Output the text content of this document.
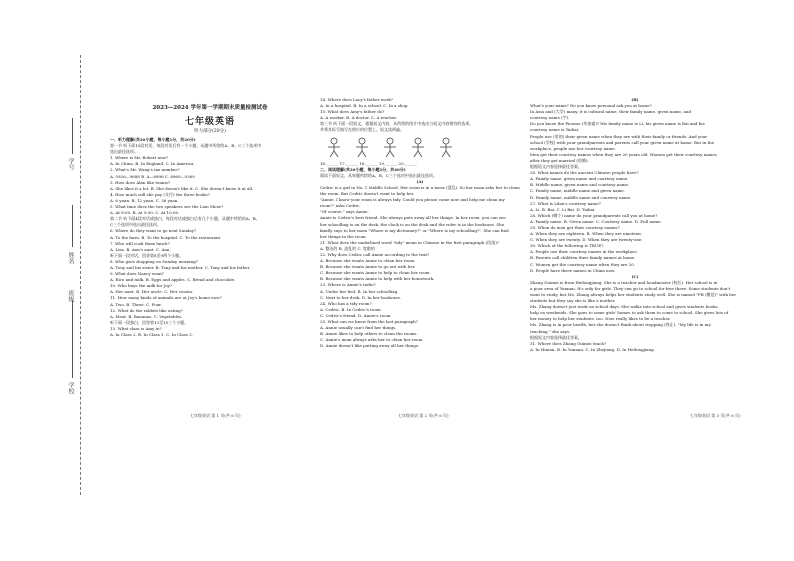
学号
姓名
班级
学校
2023—2024 学年第一学期期末质量检测试卷
七年级英语
听力部分(20分)

一、听力理解(共20小题，每小题1分，共20分)

第一节 听下面10段对话，每段对话后有一个小题，从题中所给的A、B、C三个选项中

选出最佳选项。

1. Where is Mr. Robert now?

A. In China. B. In England. C. In America.

2. What's Mr. Wang's tax number?

A. 5926—9688 B. A—6896 C. 8969—9369

3. How does Alan like tennis?

A. She likes it a lot. B. She doesn't like it. C. She doesn't know it at all.

4. How much will she pay (支付) the three books?

A. 6 yuan. B. 12 yuan. C. 36 yuan.

5. What time does the two speakers see the Lion Show?

A. At 8:00. B. At 9:30. C. At 10:00.

第二节 听下面4段对话或独白，每段对话或独白后有几个小题，从题中所给的A、B、

C三个选项中选出最佳选项。

6. Where do they want to go next Sunday?

A. To the farm. B. To the hospital. C. To the restaurant.

7. Who will cook them lunch?

A. Lisa. B. Ann's aunt. C. Ann.

听下面一段对话，回答第8至9两个小题。

8. Who goes shopping on Sunday morning?

A. Tony and his sister. B. Tony and his mother. C. Tony and his father.

9. What does Nancy want?

A. Rice and milk. B. Eggs and apples. C. Bread and chocolate.

10. Who buys the milk for Joy?

A. Her aunt. B. Her uncle. C. Her cousin.

11. How many kinds of animals are at Joy's home now?

A. Two. B. Three. C. Four.

12. What do the rabbits like eating?

A. Meat. B. Bananas. C. Vegetables.

听下面一段独白，回答第13至15三个小题。

13. What class is Amy in?

A. In Class 2. B. In Class 1. C. In Class 3.

14. Where does Lucy's father work?

A. In a hospital. B. In a school. C. In a shop.

15. What does Amy's father do?

A. A worker. B. A doctor. C. A teacher.

第三节 听下面一段短文，根据短文内容，从所给的图片中选出与短文内容相符的选项。

并将其标号填写在相应的位置上。短文读两遍。

16.______ 17.______ 18.______ 19.______ 20.______

二、阅读理解(共20小题，每小题2分，共40分)

阅读下面短文，从每题所给的A、B、C三个选项中选出最佳选项。

(A)

Cedric is a girl in No. 1 Middle School. Her room is in a mess (混乱). So her mom asks her to clean

the room. But Cedric doesn't want to help her.

"Annie, I know your room is always tidy. Could you please come now and help me clean my

room?" asks Cedric.

"Of course," says Annie.

Annie is Cedric's best friend. She always puts away all her things. In her room, you can see

her schoolbag is on the desk, the clock is on the desk and the ruler is in the bookcase. She

kindly says to her mom "Where is my dictionary?" or "Where is my schoolbag?". She can find

her things in the room.

21. What does the underlined word "tidy" mean in Chinese in the first paragraph (段落)?

A. 整洁的 B. 凌乱的 C. 宽敞的

22. Why does Cedric call Annie according to the text?

A. Because she wants Annie to clean her room.

B. Because she wants Annie to go out with her.

C. Because she wants Annie to help to clean her room.

B. Because she wants Annie to help with her homework.

23. Where is Annie's radio?

A. Under her bed. B. In her schoolbag.

C. Next to her desk. D. In her bookcase.

24. Who has a tidy room?

A. Cedric. B. In Cedric's room.

C. Cedric's friend. D. Annie's room.

25. What can we know from the last paragraph?

A. Annie usually can't find her things.

B. Annie likes to help others to clean the rooms.

C. Annie's mom always asks her to clean her room.

D. Annie doesn't like putting away all her things.

(B)

What's your name? Do you know personal ask you at home?

In Asia and (大学) many, it is cultural name, their family name, given name, and

courtesy name (字).

Do you know the Picasso (毕加索)? His family name is Li, his given name is Bai and his

courtesy name is Taibai.

People use (用的) their given name when they are with their family or friends. And your

school (学校) with your grandparents and parents call your given name at home. But in the

workplace, people use her courtesy name.

Men get their courtesy names when they are 20 years old. Women get their courtesy names

after they get married (结婚).

根据短文内容选择最佳答案。

26. What names do the ancient Chinese people have?

A. Family name, given name and courtesy name.

B. Middle name, given name and courtesy name.

C. Family name, middle name and given name.

D. Family name, middle name and courtesy name.

27. What is Libai's courtesy name?

A. Li. B. Bai. C. Li Bai. D. Taibai.

28. Which (哪个) name do your grandparents call you at home?

A. Family name. B. Given name. C. Courtesy name. D. Full name.

29. When do men get their courtesy names?

A. When they are eighteen. B. When they are nineteen.

C. When they are twenty. D. When they are twenty-one.

30. Which of the following is TRUE?

A. People use their courtesy names in the workplace.

B. Parents call children their family names at home.

C. Women get the courtesy name when they are 20.

D. People have three names in China now.

(C)

Zhang Guimei is from Heilongjiang. She is a teacher and headmaster (校长). Her school is in

a poor area of Yunnan. It's only for girls. They can go to school for free there. Some students don't

want to study, but Ms. Zhang always helps her students study well. She is named "PB (模范)" with her

students but they say she is like a mother.

Ms. Zhang doesn't just work on school days. She walks into school and gives students books

help on weekends. She goes to some girls' homes to ask them to come to school. She gives lots of

her money to help her students, too. Now really likes to be a teacher.

Ms. Zhang is in poor health, but she doesn't think about stopping (停止). "My life is in my

teaching," she says.

根据短文内容选择最佳答案。

31. Where does Zhang Guimei teach?

A. In Hunan. B. In Yunnan. C. In Zhejiang. D. In Heilongjiang.

七年级英语 第 1 页(共 6 页)	七年级英语 第 2 页(共 6 页)	七年级英语 第 3 页(共 6 页)
